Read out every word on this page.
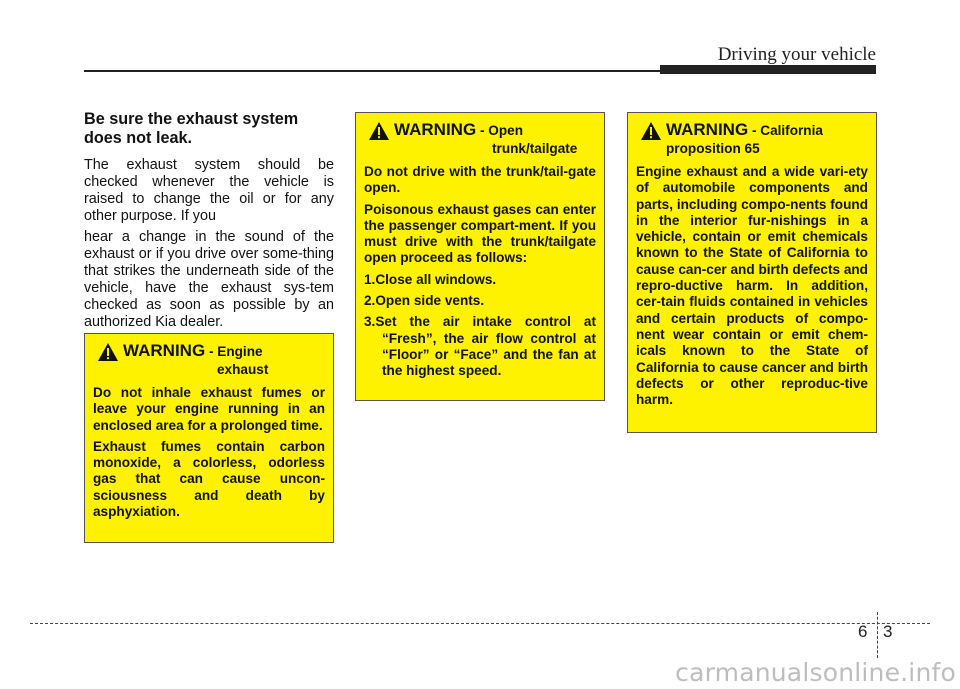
Driving your vehicle
Be sure the exhaust system does not leak.

The exhaust system should be checked whenever the vehicle is raised to change the oil or for any other purpose. If you

hear a change in the sound of the exhaust or if you drive over some-thing that strikes the underneath side of the vehicle, have the exhaust sys-tem checked as soon as possible by an authorized Kia dealer.

WARNING - Engine
exhaust

Do not inhale exhaust fumes or leave your engine running in an enclosed area for a prolonged time.

Exhaust fumes contain carbon monoxide, a colorless, odorless gas that can cause uncon-sciousness and death by asphyxiation.

WARNING - Open
trunk/tailgate

Do not drive with the trunk/tail-gate open.

Poisonous exhaust gases can enter the passenger compart-ment. If you must drive with the trunk/tailgate open proceed as follows:

1.Close all windows.

2.Open side vents.

3.Set the air intake control at “Fresh”, the air flow control at “Floor” or “Face” and the fan at the highest speed.

WARNING - California
proposition 65

Engine exhaust and a wide vari-ety of automobile components and parts, including compo-nents found in the interior fur-nishings in a vehicle, contain or emit chemicals known to the State of California to cause can-cer and birth defects and repro-ductive harm. In addition, cer-tain fluids contained in vehicles and certain products of compo-nent wear contain or emit chem-icals known to the State of California to cause cancer and birth defects or other reproduc-tive harm.

6 3
carmanualsonline.info
